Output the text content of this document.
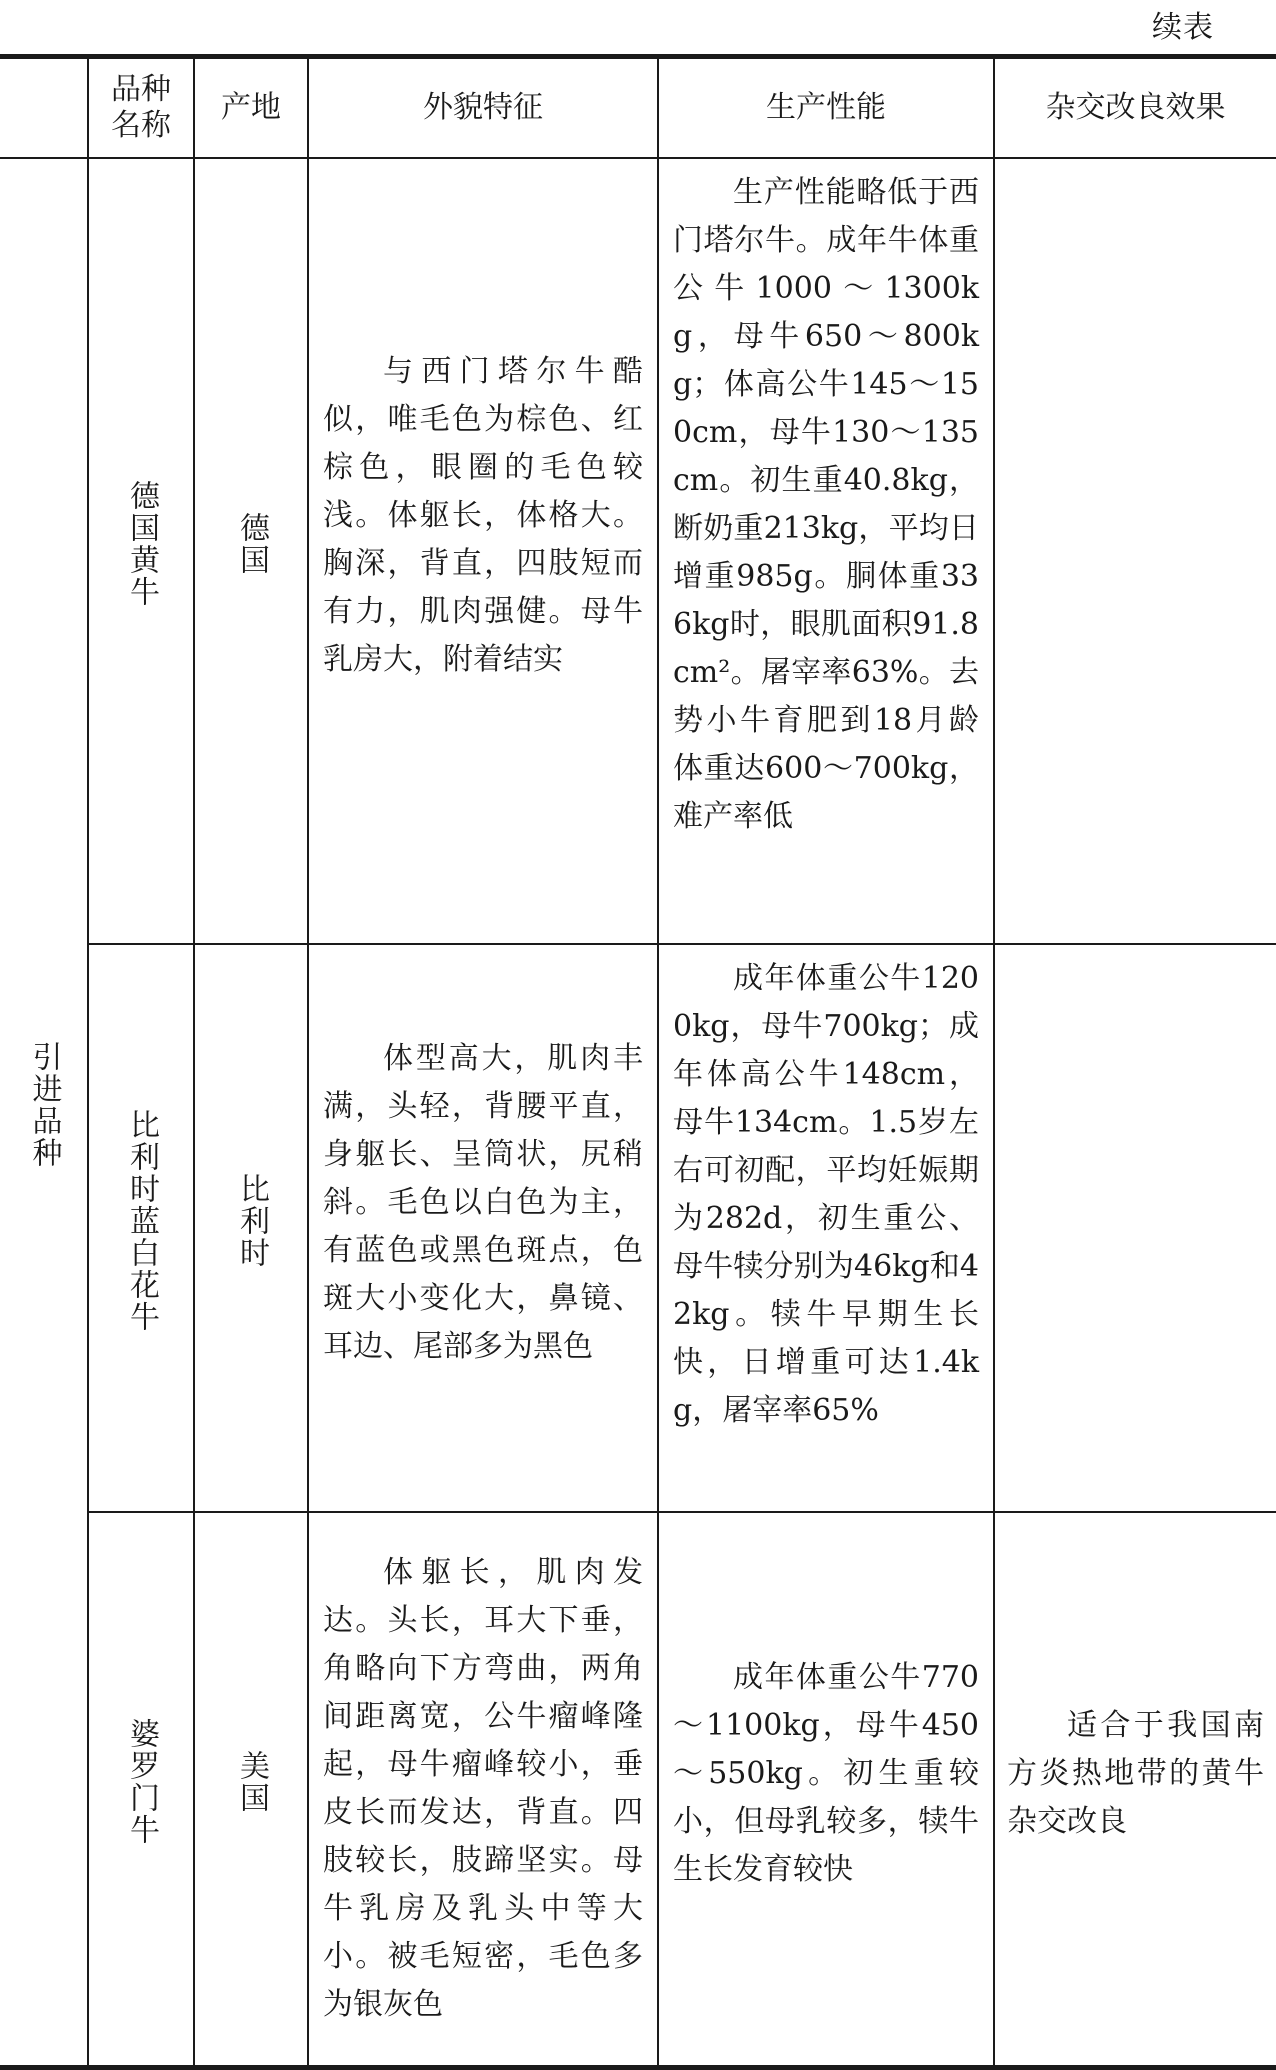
续表
	品种名称	产地	外貌特征	生产性能	杂交改良效果
引进品种	德国黄牛	德国	与西门塔尔牛酷似，唯毛色为棕色、红棕色，眼圈的毛色较浅。体躯长，体格大。胸深，背直，四肢短而有力，肌肉强健。母牛乳房大，附着结实	生产性能略低于西门塔尔牛。成年牛体重公牛1000～1300kg，母牛650～800kg；体高公牛145～150cm，母牛130～135cm。初生重40.8kg，断奶重213kg，平均日增重985g。胴体重336kg时，眼肌面积91.8cm²。屠宰率63%。去势小牛育肥到18月龄体重达600～700kg，难产率低	
	比利时蓝白花牛	比利时	体型高大，肌肉丰满，头轻，背腰平直，身躯长、呈筒状，尻稍斜。毛色以白色为主，有蓝色或黑色斑点，色斑大小变化大，鼻镜、耳边、尾部多为黑色	成年体重公牛1200kg，母牛700kg；成年体高公牛148cm，母牛134cm。1.5岁左右可初配，平均妊娠期为282d，初生重公、母牛犊分别为46kg和42kg。犊牛早期生长快，日增重可达1.4kg，屠宰率65%	
	婆罗门牛	美国	体躯长，肌肉发达。头长，耳大下垂，角略向下方弯曲，两角间距离宽，公牛瘤峰隆起，母牛瘤峰较小，垂皮长而发达，背直。四肢较长，肢蹄坚实。母牛乳房及乳头中等大小。被毛短密，毛色多为银灰色	成年体重公牛770～1100kg，母牛450～550kg。初生重较小，但母乳较多，犊牛生长发育较快	适合于我国南方炎热地带的黄牛杂交改良
